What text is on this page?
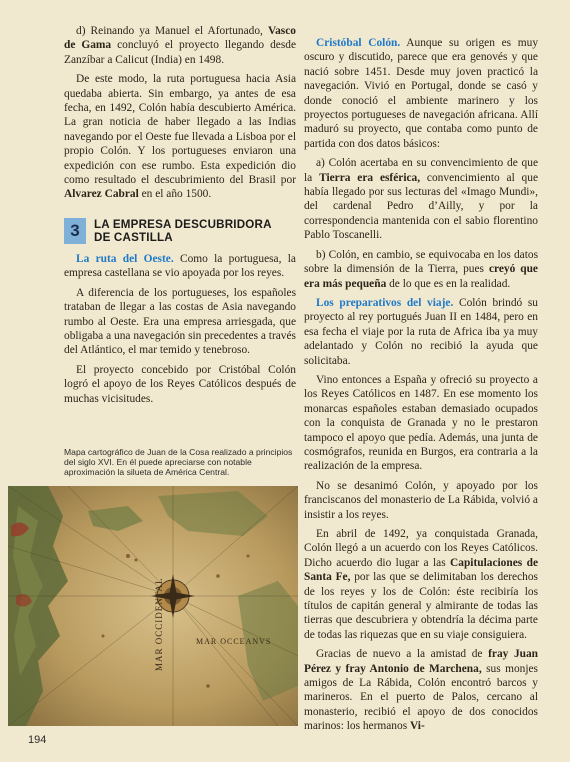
d) Reinando ya Manuel el Afortunado, Vasco de Gama concluyó el proyecto llegando desde Zanzíbar a Calicut (India) en 1498.

De este modo, la ruta portuguesa hacia Asia quedaba abierta. Sin embargo, ya antes de esa fecha, en 1492, Colón había descubierto América. La gran noticia de haber llegado a las Indias navegando por el Oeste fue llevada a Lisboa por el propio Colón. Y los portugueses enviaron una expedición con ese rumbo. Esta expedición dio como resultado el descubrimiento del Brasil por Alvarez Cabral en el año 1500.

3	LA EMPRESA DESCUBRIDORA
DE CASTILLA

La ruta del Oeste. Como la portuguesa, la empresa castellana se vio apoyada por los reyes.

A diferencia de los portugueses, los españoles trataban de llegar a las costas de Asia navegando rumbo al Oeste. Era una empresa arriesgada, que obligaba a una navegación sin precedentes a través del Atlántico, el mar temido y tenebroso.

El proyecto concebido por Cristóbal Colón logró el apoyo de los Reyes Católicos después de muchas vicisitudes.

Mapa cartográfico de Juan de la Cosa realizado a principios del siglo XVI. En él puede apreciarse con notable aproximación la silueta de América Central.
MAR OCCIDENTAL	MAR OCCEANVS

Cristóbal Colón. Aunque su origen es muy oscuro y discutido, parece que era genovés y que nació sobre 1451. Desde muy joven practicó la navegación. Vivió en Portugal, donde se casó y donde conoció el ambiente marinero y los proyectos portugueses de navegación africana. Allí maduró su proyecto, que contaba como punto de partida con dos datos básicos:

a) Colón acertaba en su convencimiento de que la Tierra era esférica, convencimiento al que había llegado por sus lecturas del «Imago Mundi», del cardenal Pedro d’Ailly, y por la correspondencia mantenida con el sabio florentino Pablo Toscanelli.

b) Colón, en cambio, se equivocaba en los datos sobre la dimensión de la Tierra, pues creyó que era más pequeña de lo que es en la realidad.

Los preparativos del viaje. Colón brindó su proyecto al rey portugués Juan II en 1484, pero en esa fecha el viaje por la ruta de Africa iba ya muy adelantado y Colón no recibió la ayuda que solicitaba.

Vino entonces a España y ofreció su proyecto a los Reyes Católicos en 1487. En ese momento los monarcas españoles estaban demasiado ocupados con la conquista de Granada y no le prestaron tampoco el apoyo que pedía. Además, una junta de cosmógrafos, reunida en Burgos, era contraria a la realización de la empresa.

No se desanimó Colón, y apoyado por los franciscanos del monasterio de La Rábida, volvió a insistir a los reyes.

En abril de 1492, ya conquistada Granada, Colón llegó a un acuerdo con los Reyes Católicos. Dicho acuerdo dio lugar a las Capitulaciones de Santa Fe, por las que se delimitaban los derechos de los reyes y los de Colón: éste recibiría los títulos de capitán general y almirante de todas las tierras que descubriera y obtendría la décima parte de todas las riquezas que en su viaje consiguiera.

Gracias de nuevo a la amistad de fray Juan Pérez y fray Antonio de Marchena, sus monjes amigos de La Rábida, Colón encontró barcos y marineros. En el puerto de Palos, cercano al monasterio, recibió el apoyo de dos conocidos marinos: los hermanos Vi-

194
